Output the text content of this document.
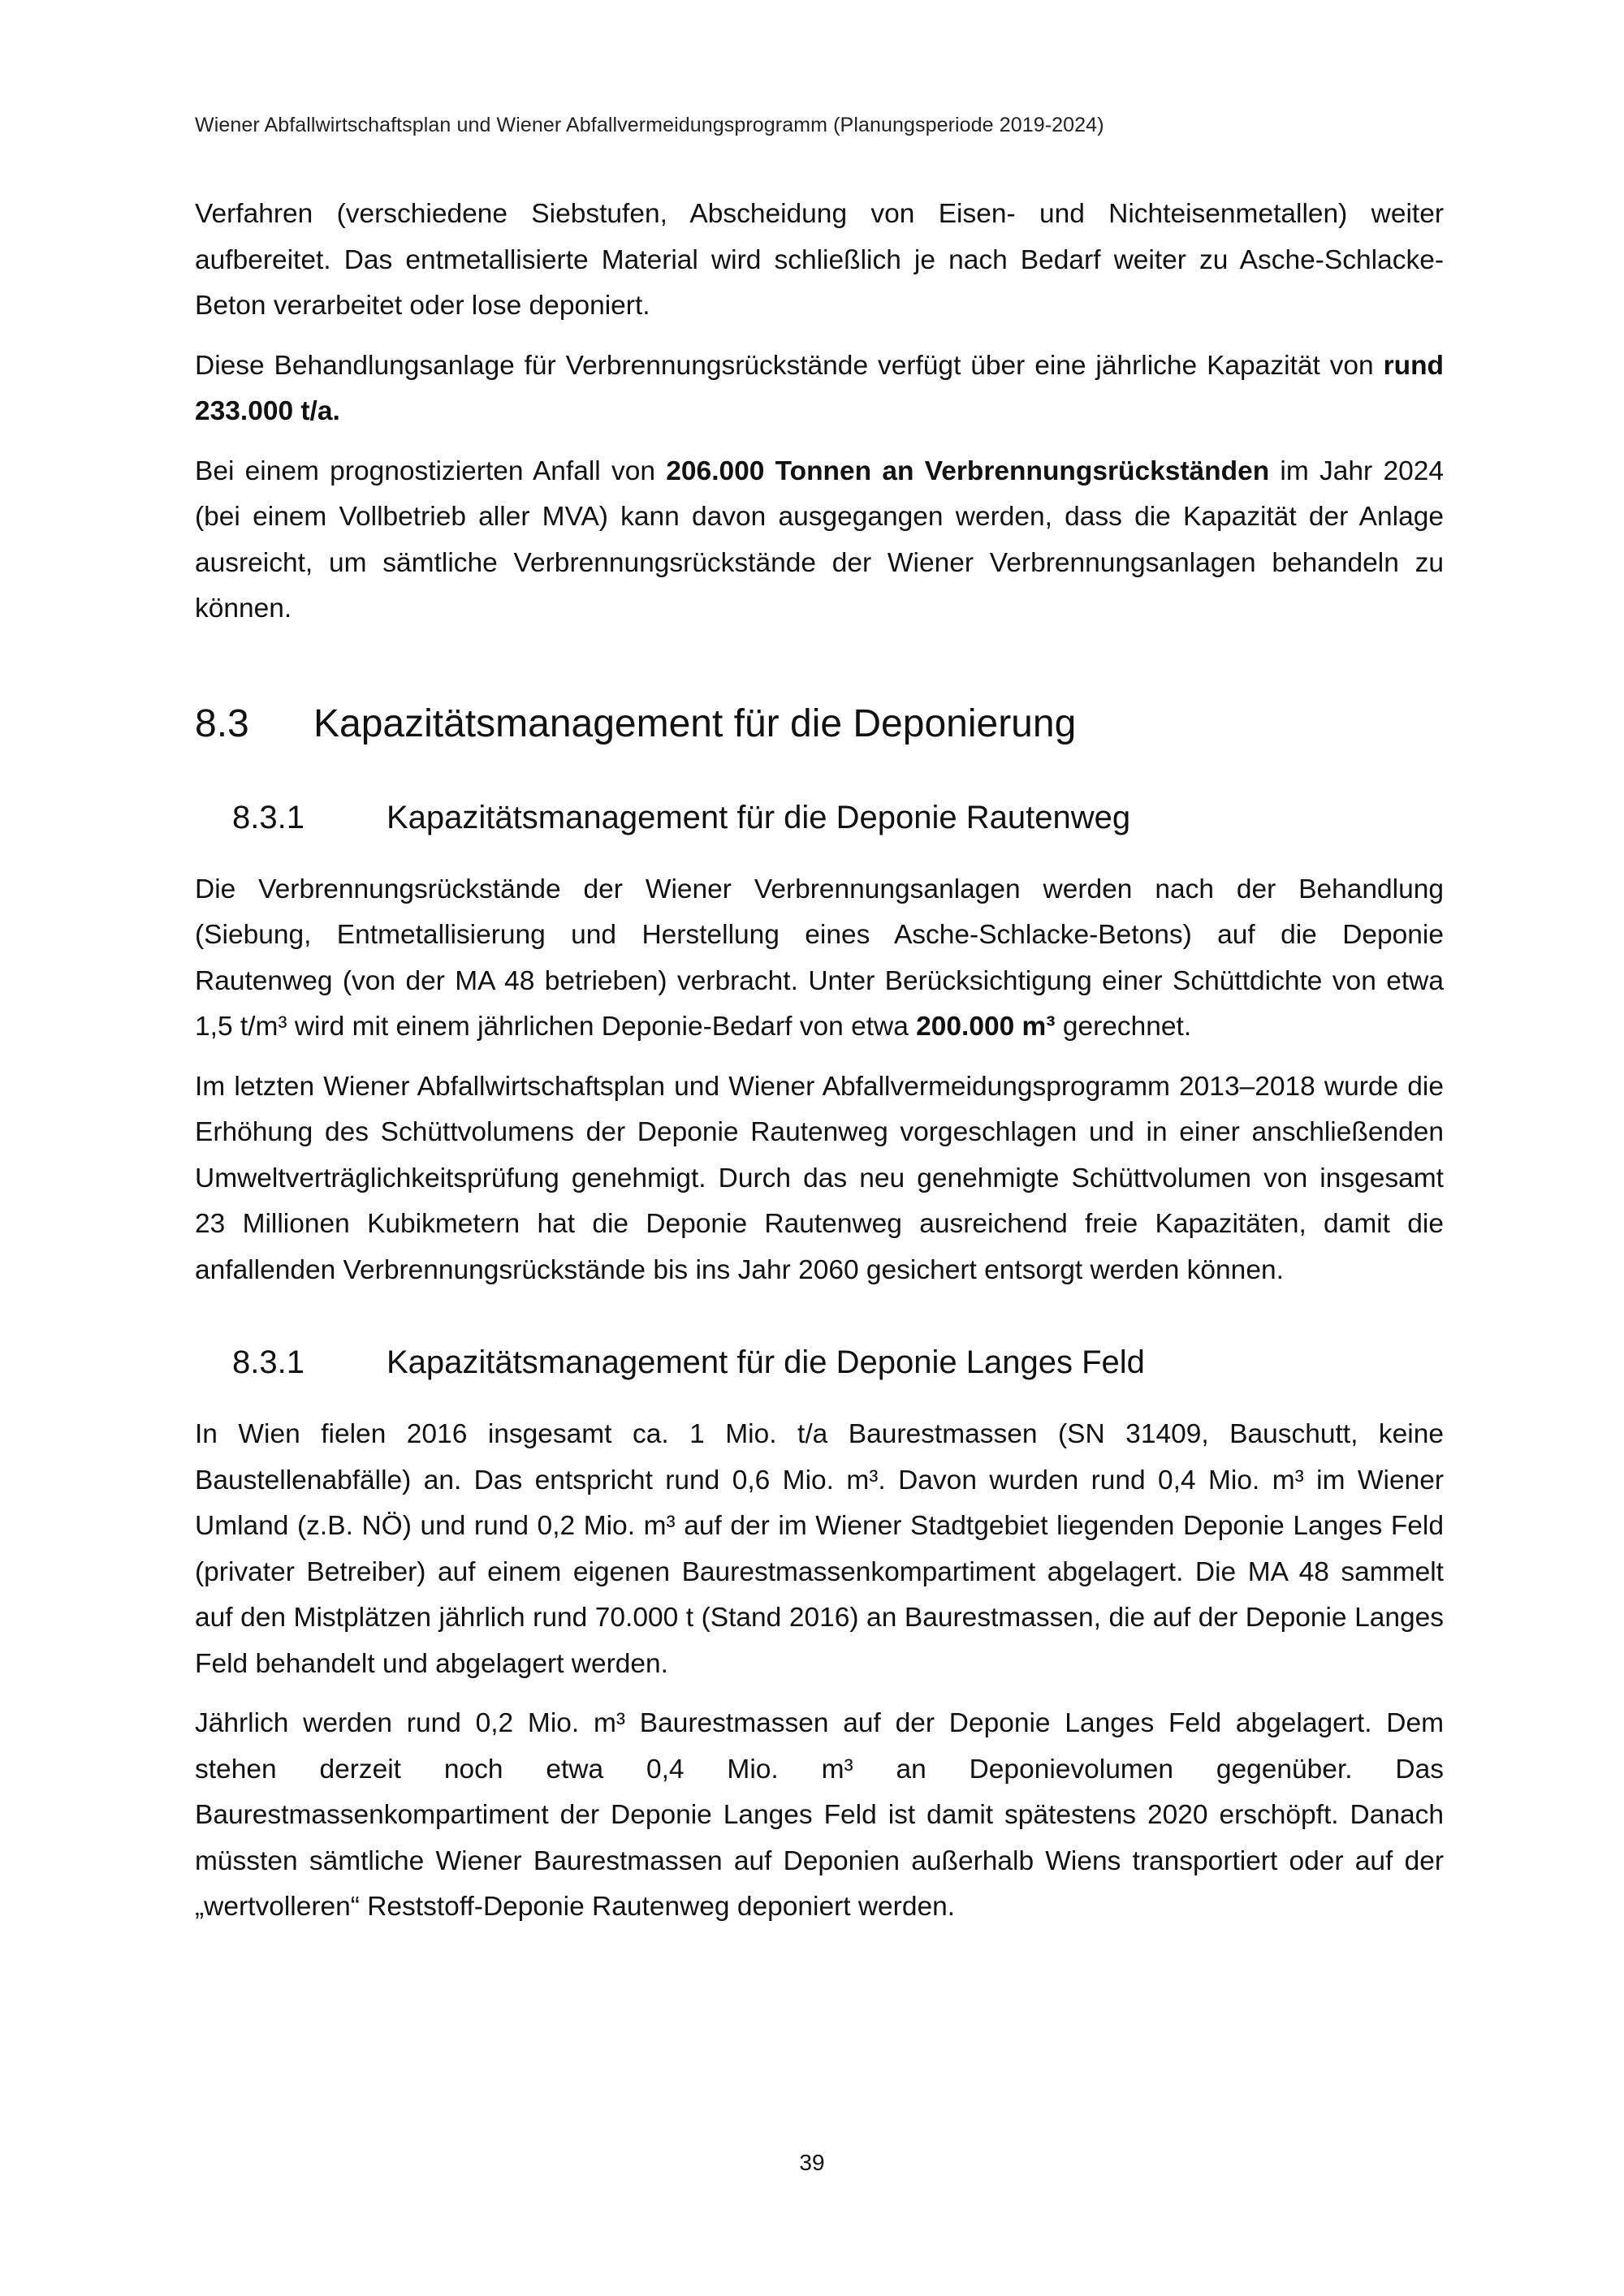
Wiener Abfallwirtschaftsplan und Wiener Abfallvermeidungsprogramm (Planungsperiode 2019-2024)

Verfahren (verschiedene Siebstufen, Abscheidung von Eisen- und Nichteisenmetallen) weiter aufbereitet. Das entmetallisierte Material wird schließlich je nach Bedarf weiter zu Asche-Schlacke-Beton verarbeitet oder lose deponiert.

Diese Behandlungsanlage für Verbrennungsrückstände verfügt über eine jährliche Kapazität von rund 233.000 t/a.

Bei einem prognostizierten Anfall von 206.000 Tonnen an Verbrennungsrückständen im Jahr 2024 (bei einem Vollbetrieb aller MVA) kann davon ausgegangen werden, dass die Kapazität der Anlage ausreicht, um sämtliche Verbrennungsrückstände der Wiener Verbrennungsanlagen behandeln zu können.

8.3	Kapazitätsmanagement für die Deponierung
8.3.1	Kapazitätsmanagement für die Deponie Rautenweg

Die Verbrennungsrückstände der Wiener Verbrennungsanlagen werden nach der Behandlung (Siebung, Entmetallisierung und Herstellung eines Asche-Schlacke-Betons) auf die Deponie Rautenweg (von der MA 48 betrieben) verbracht. Unter Berücksichtigung einer Schüttdichte von etwa 1,5 t/m³ wird mit einem jährlichen Deponie-Bedarf von etwa 200.000 m³ gerechnet.

Im letzten Wiener Abfallwirtschaftsplan und Wiener Abfallvermeidungsprogramm 2013–2018 wurde die Erhöhung des Schüttvolumens der Deponie Rautenweg vorgeschlagen und in einer anschließenden Umweltverträglichkeitsprüfung genehmigt. Durch das neu genehmigte Schüttvolumen von insgesamt 23 Millionen Kubikmetern hat die Deponie Rautenweg ausreichend freie Kapazitäten, damit die anfallenden Verbrennungsrückstände bis ins Jahr 2060 gesichert entsorgt werden können.

8.3.1	Kapazitätsmanagement für die Deponie Langes Feld

In Wien fielen 2016 insgesamt ca. 1 Mio. t/a Baurestmassen (SN 31409, Bauschutt, keine Baustellenabfälle) an. Das entspricht rund 0,6 Mio. m³. Davon wurden rund 0,4 Mio. m³ im Wiener Umland (z.B. NÖ) und rund 0,2 Mio. m³ auf der im Wiener Stadtgebiet liegenden Deponie Langes Feld (privater Betreiber) auf einem eigenen Baurestmassenkompartiment abgelagert. Die MA 48 sammelt auf den Mistplätzen jährlich rund 70.000 t (Stand 2016) an Baurestmassen, die auf der Deponie Langes Feld behandelt und abgelagert werden.

Jährlich werden rund 0,2 Mio. m³ Baurestmassen auf der Deponie Langes Feld abgelagert. Dem stehen derzeit noch etwa 0,4 Mio. m³ an Deponievolumen gegenüber. Das Baurestmassenkompartiment der Deponie Langes Feld ist damit spätestens 2020 erschöpft. Danach müssten sämtliche Wiener Baurestmassen auf Deponien außerhalb Wiens transportiert oder auf der „wertvolleren“ Reststoff-Deponie Rautenweg deponiert werden.

39
